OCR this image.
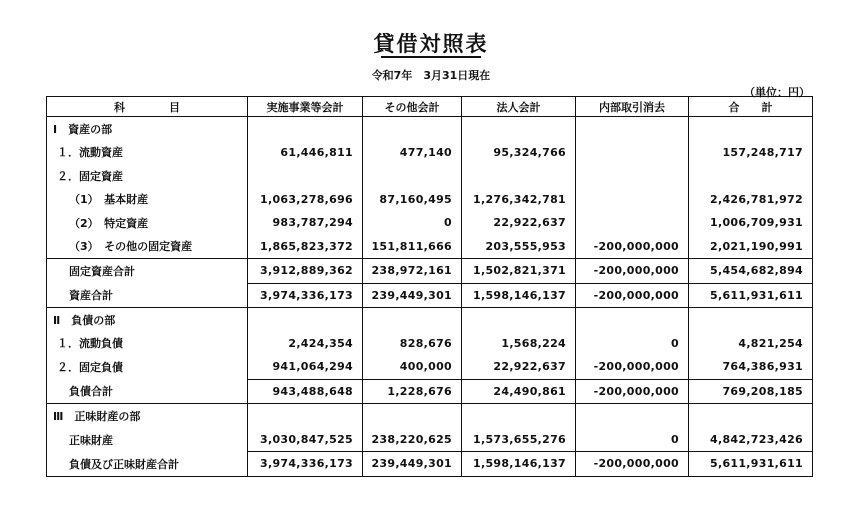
貸借対照表
令和7年　3月31日現在
（単位：円）
科　　　　目	実施事業等会計	その他会計	法人会計	内部取引消去	合　　計
Ⅰ　資産の部					
１．流動資産	61,446,811	477,140	95,324,766		157,248,717
２．固定資産					
（1）　基本財産	1,063,278,696	87,160,495	1,276,342,781		2,426,781,972
（2）　特定資産	983,787,294	0	22,922,637		1,006,709,931
（3）　その他の固定資産	1,865,823,372	151,811,666	203,555,953	-200,000,000	2,021,190,991
固定資産合計	3,912,889,362	238,972,161	1,502,821,371	-200,000,000	5,454,682,894
資産合計	3,974,336,173	239,449,301	1,598,146,137	-200,000,000	5,611,931,611
Ⅱ　負債の部					
１．流動負債	2,424,354	828,676	1,568,224	0	4,821,254
２．固定負債	941,064,294	400,000	22,922,637	-200,000,000	764,386,931
負債合計	943,488,648	1,228,676	24,490,861	-200,000,000	769,208,185
Ⅲ　正味財産の部					
正味財産	3,030,847,525	238,220,625	1,573,655,276	0	4,842,723,426
負債及び正味財産合計	3,974,336,173	239,449,301	1,598,146,137	-200,000,000	5,611,931,611
